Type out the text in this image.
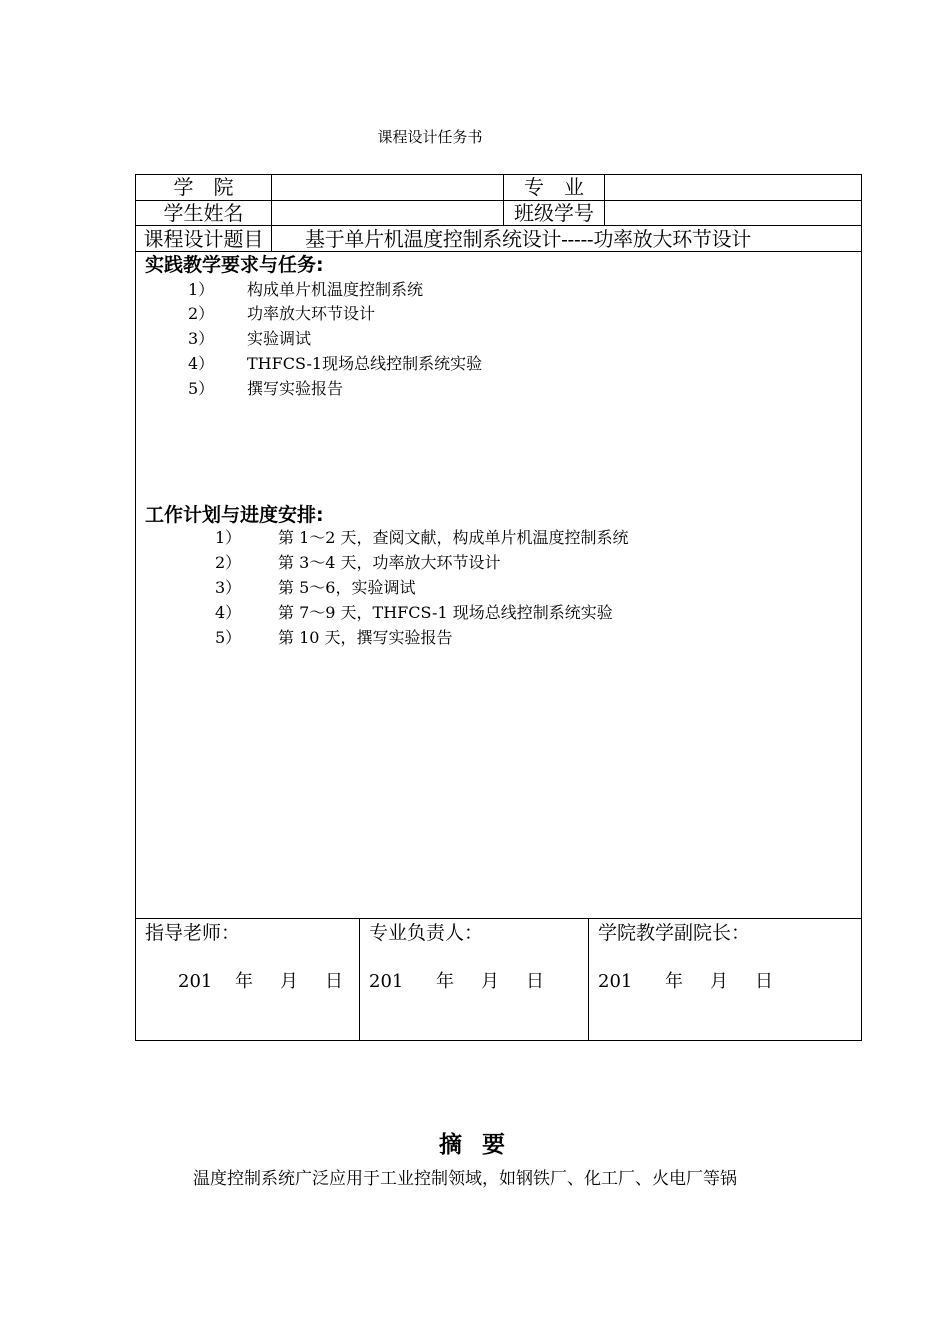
课程设计任务书
学　院	专　业
学生姓名	班级学号
课程设计题目	基于单片机温度控制系统设计-----功率放大环节设计
实践教学要求与任务:
1） 构成单片机温度控制系统
2） 功率放大环节设计
3） 实验调试
4） THFCS-1现场总线控制系统实验
5） 撰写实验报告
工作计划与进度安排:
1） 第 1～2 天，查阅文献，构成单片机温度控制系统
2） 第 3～4 天，功率放大环节设计
3） 第 5～6，实验调试
4） 第 7～9 天，THFCS-1 现场总线控制系统实验
5） 第 10 天，撰写实验报告
指导老师：
201 年 月 日
专业负责人：
201 年 月 日
学院教学副院长：
201 年 月 日
摘 要
温度控制系统广泛应用于工业控制领域，如钢铁厂、化工厂、火电厂等锅
